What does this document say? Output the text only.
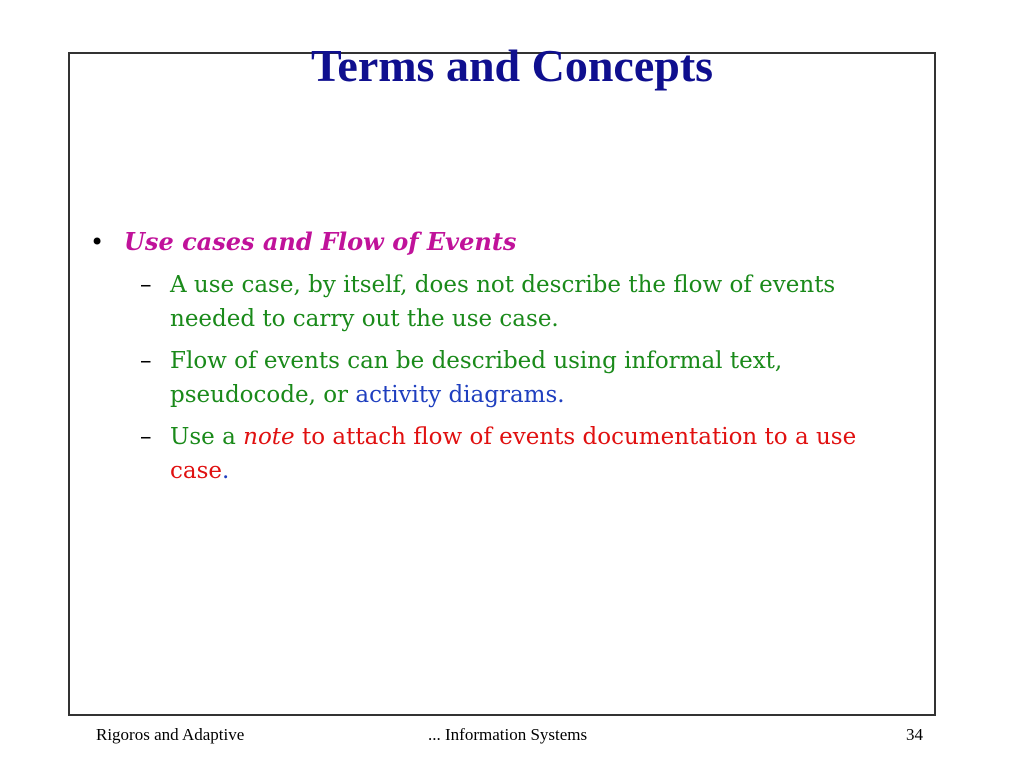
Terms and Concepts
• Use cases and Flow of Events
– A use case, by itself, does not describe the flow of events needed to carry out the use case.
– Flow of events can be described using informal text, pseudocode, or activity diagrams.
– Use a note to attach flow of events documentation to a use case.
Rigoros and Adaptive	... Information Systems	34
